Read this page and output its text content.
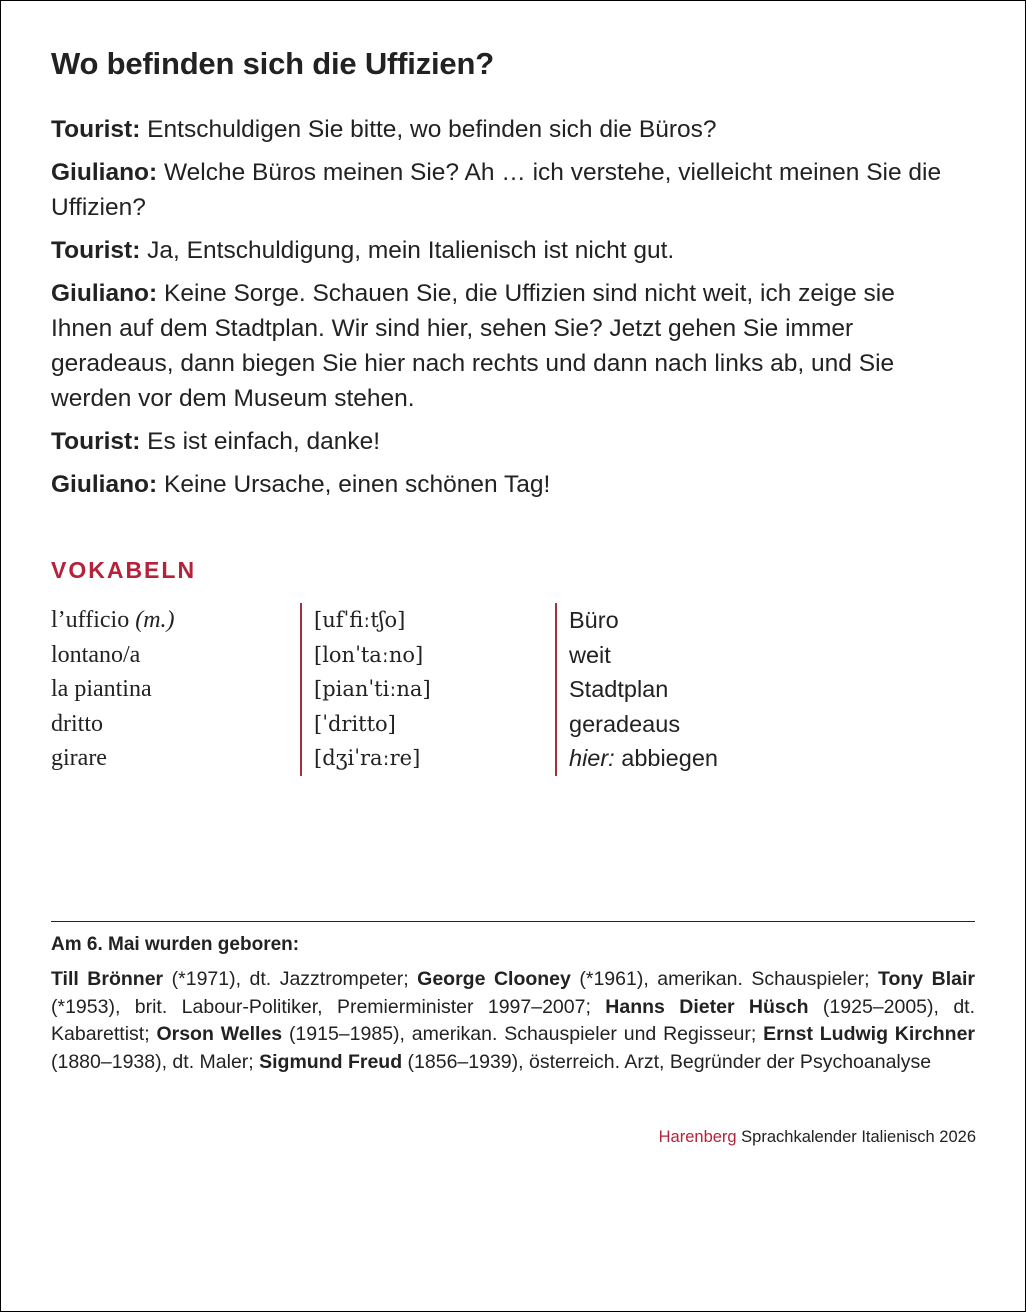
Wo befinden sich die Uffizien?

Tourist: Entschuldigen Sie bitte, wo befinden sich die Büros?

Giuliano: Welche Büros meinen Sie? Ah … ich verstehe, vielleicht meinen Sie die Uffizien?

Tourist: Ja, Entschuldigung, mein Italienisch ist nicht gut.

Giuliano: Keine Sorge. Schauen Sie, die Uffizien sind nicht weit, ich zeige sie Ihnen auf dem Stadtplan. Wir sind hier, sehen Sie? Jetzt gehen Sie immer geradeaus, dann biegen Sie hier nach rechts und dann nach links ab, und Sie werden vor dem Museum stehen.

Tourist: Es ist einfach, danke!

Giuliano: Keine Ursache, einen schönen Tag!

VOKABELN
l’ufficio (m.)
lontano/a
la piantina
dritto
girare
[ufˈfiːtʃo]
[lonˈtaːno]
[pianˈtiːna]
[ˈdritto]
[dʒiˈraːre]
Büro
weit
Stadtplan
geradeaus
hier: abbiegen
Am 6. Mai wurden geboren:

Till Brönner (*1971), dt. Jazztrompeter; George Clooney (*1961), amerikan. Schauspieler; Tony Blair (*1953), brit. Labour-Politiker, Premierminister 1997–2007; Hanns Dieter Hüsch (1925–2005), dt. Kabarettist; Orson Welles (1915–1985), amerikan. Schauspieler und Regisseur; Ernst Ludwig Kirchner (1880–1938), dt. Maler; Sigmund Freud (1856–1939), österreich. Arzt, Begründer der Psychoanalyse

Harenberg Sprachkalender Italienisch 2026
